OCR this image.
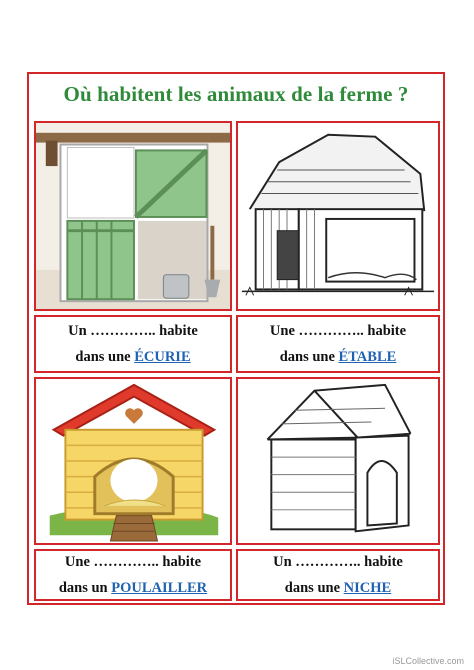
Où habitent les animaux de la ferme ?
Un ………….. habite
dans une ÉCURIE
Une ………….. habite
dans une ÉTABLE
Une ………….. habite
dans un POULAILLER
Un ………….. habite
dans une NICHE
iSLCollective.com
